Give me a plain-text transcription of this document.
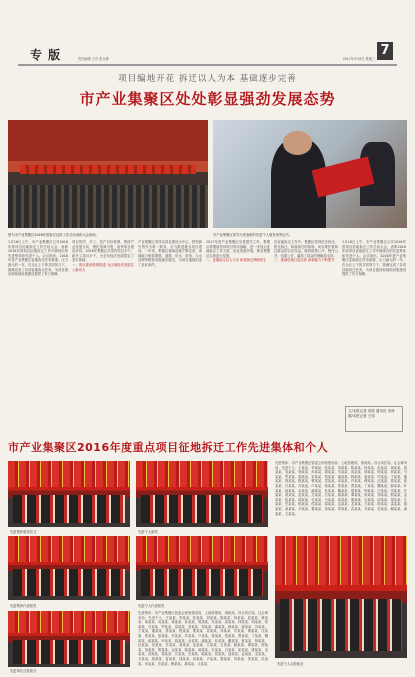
专 版	责任编辑 王洋 张永康	2017年3月8日 星期三
7
项目编地开花 拆迁以人为本 基础逐步完善
市产业集聚区处处彰显强劲发展态势
图为市产业集聚区2016年度拆迁征收工作总结表彰大会现场。	市产业集聚区领导为受表彰的先进个人颁发荣誉证书。
1月16日上午，市产业集聚区召开2016年度项目征地拆迁工作总结大会，表彰2016年度项目征地拆迁工作中涌现出的先进集体和先进个人。会议指出，2016年是产业集聚区征地拆迁任务最重、压力最大的一年，在全区上下的共同努力下，圆满完成了各项征地拆迁任务，为项目建设和基础设施建设提供了有力保障。
项目签约、开工、投产目标管理，围绕产业发展方向，强化招商引资，加快项目建设步伐。2016年集聚区共签约项目多个，新开工项目多个，为全年经济发展奠定了坚实基础。
一、项目建设强势推进 为区域经济发展注入新动力
产业集聚区坚持以项目建设为中心，把招商引资作为第一要务，全力推进重点项目建设。一年来，集聚区基础设施不断完善，承载能力明显增强，道路、供水、供电、污水处理等配套设施逐步健全，为项目落地创造了良好条件。
2017年是产业集聚区完善提升之年，集聚区将继续坚持项目带动战略，进一步加大征地拆迁工作力度，优化发展环境，推动集聚区实现更大发展。
二、征地拆迁以人为本 和谐拆迁保障民生
在征地拆迁工作中，集聚区坚持依法拆迁、阳光拆迁、和谐拆迁的原则，切实维护被拆迁群众的合法权益，做到政策公开、程序公开、结果公开，赢得了群众的理解和支持。
三、基础设施日趋完善 承载能力不断提升
1月16日上午，市产业集聚区召开2016年度项目征地拆迁工作总结大会，表彰2016年度项目征地拆迁工作中涌现出的先进集体和先进个人。会议指出，2016年是产业集聚区征地拆迁任务最重、压力最大的一年，在全区上下的共同努力下，圆满完成了各项征地拆迁任务，为项目建设和基础设施建设提供了有力保障。
文/本报记者 苗欣 通讯员 李涛
图/本报记者 王伟
市产业集聚区2016年度重点项目征地拆迁工作先进集体和个人
先进集体颁奖仪式	先进个人颁奖
先进集体代表领奖	先进个人代表领奖
先进单位合影留念
先进个人合影留念
先进集体：市产业集聚区管委会规划建设局、土地管理局、财政局、综合执法局、社会事务局；先进个人：王某某、李某某、张某某、刘某某、陈某某、杨某某、赵某某、黄某某、周某某、吴某某、徐某某、孙某某、胡某某、朱某某、高某某、林某某、何某某、郭某某、马某某、罗某某、梁某某、宋某某、郑某某、谢某某、韩某某、唐某某、冯某某、于某某、董某某、萧某某、程某某、曹某某、袁某某、邓某某、许某某、傅某某、沈某某、曾某某、彭某某、吕某某、苏某某、卢某某、蒋某某、蔡某某、贾某某、丁某某、魏某某、薛某某、叶某某、阎某某、余某某、潘某某、杜某某、戴某某、夏某某、钟某某、汪某某、田某某、任某某、姜某某、范某某、方某某、石某某、姚某某、谭某某、廖某某、邹某某、熊某某、金某某、陆某某、郝某某、孔某某、白某某、崔某某、康某某、毛某某、邱某某、秦某某、江某某、史某某、顾某某、侯某某、邵某某、孟某某、龙某某、万某某、段某某、雷某某、钱某某、汤某某、尹某某、黎某某、易某某、常某某、武某某、乔某某、贺某某、赖某某、龚某某、文某某。
先进集体：市产业集聚区管委会规划建设局、土地管理局、财政局、综合执法局、社会事务局；先进个人：王某某、李某某、张某某、刘某某、陈某某、杨某某、赵某某、黄某某、周某某、吴某某、徐某某、孙某某、胡某某、朱某某、高某某、林某某、何某某、郭某某、马某某、罗某某、梁某某、宋某某、郑某某、谢某某、韩某某、唐某某、冯某某、于某某、董某某、萧某某、程某某、曹某某、袁某某、邓某某、许某某、傅某某、沈某某、曾某某、彭某某、吕某某、苏某某、卢某某、蒋某某、蔡某某、贾某某、丁某某、魏某某、薛某某、叶某某、阎某某、余某某、潘某某、杜某某、戴某某、夏某某、钟某某、汪某某、田某某、任某某、姜某某、范某某、方某某、石某某、姚某某、谭某某、廖某某、邹某某、熊某某、金某某、陆某某、郝某某、孔某某、白某某、崔某某、康某某、毛某某、邱某某、秦某某、江某某、史某某、顾某某、侯某某、邵某某、孟某某、龙某某、万某某、段某某、雷某某、钱某某、汤某某、尹某某、黎某某、易某某、常某某、武某某、乔某某、贺某某、赖某某、龚某某、文某某。
